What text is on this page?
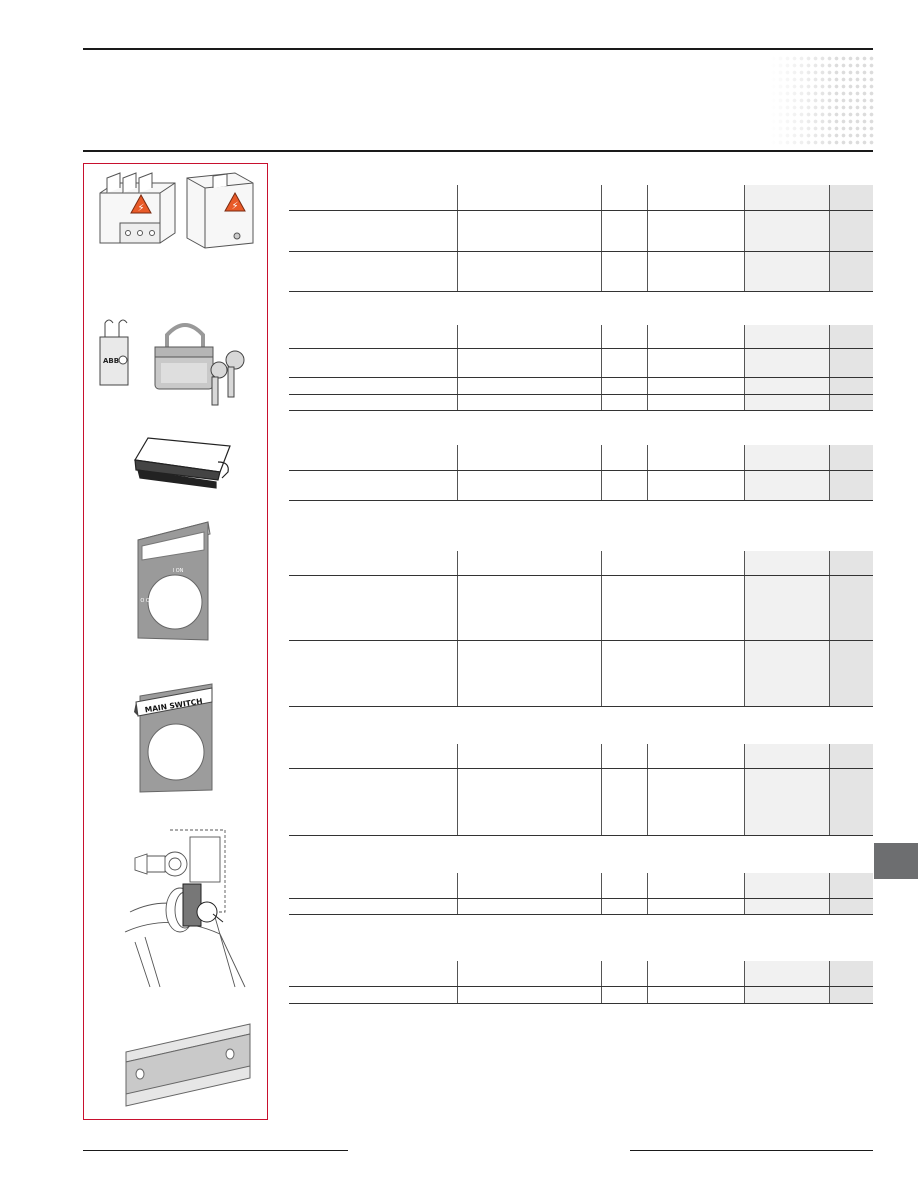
⚡	⚡
ABB
I ON
O OFF
MAIN SWITCH
